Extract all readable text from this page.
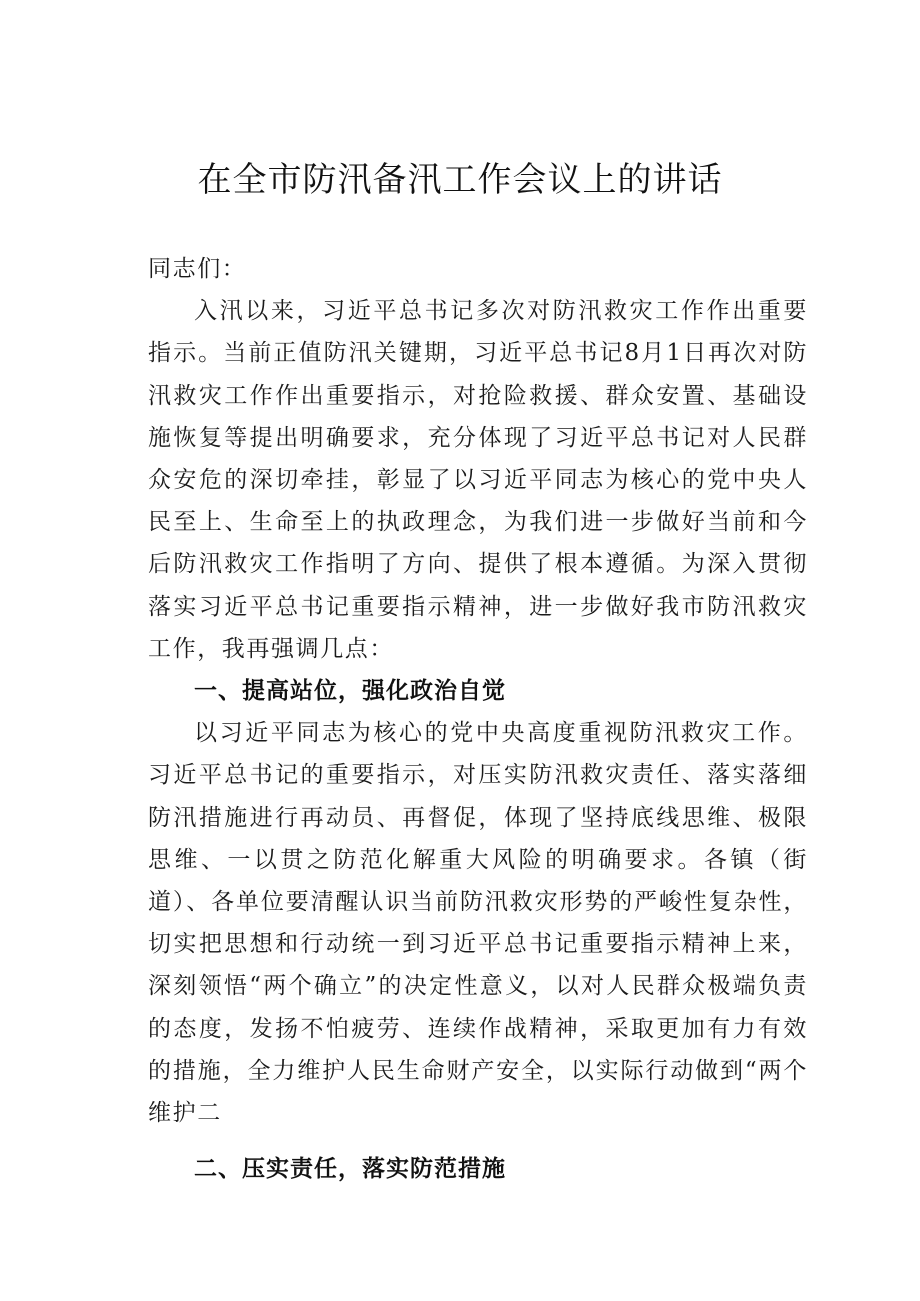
在全市防汛备汛工作会议上的讲话

同志们：

入汛以来，习近平总书记多次对防汛救灾工作作出重要指示。当前正值防汛关键期，习近平总书记8月1日再次对防汛救灾工作作出重要指示，对抢险救援、群众安置、基础设施恢复等提出明确要求，充分体现了习近平总书记对人民群众安危的深切牵挂，彰显了以习近平同志为核心的党中央人民至上、生命至上的执政理念，为我们进一步做好当前和今后防汛救灾工作指明了方向、提供了根本遵循。为深入贯彻落实习近平总书记重要指示精神，进一步做好我市防汛救灾工作，我再强调几点：

一、提高站位，强化政治自觉

以习近平同志为核心的党中央高度重视防汛救灾工作。习近平总书记的重要指示，对压实防汛救灾责任、落实落细防汛措施进行再动员、再督促，体现了坚持底线思维、极限思维、一以贯之防范化解重大风险的明确要求。各镇（街道）、各单位要清醒认识当前防汛救灾形势的严峻性复杂性，切实把思想和行动统一到习近平总书记重要指示精神上来，深刻领悟“两个确立”的决定性意义，以对人民群众极端负责的态度，发扬不怕疲劳、连续作战精神，采取更加有力有效的措施，全力维护人民生命财产安全，以实际行动做到“两个维护二

二、压实责任，落实防范措施
